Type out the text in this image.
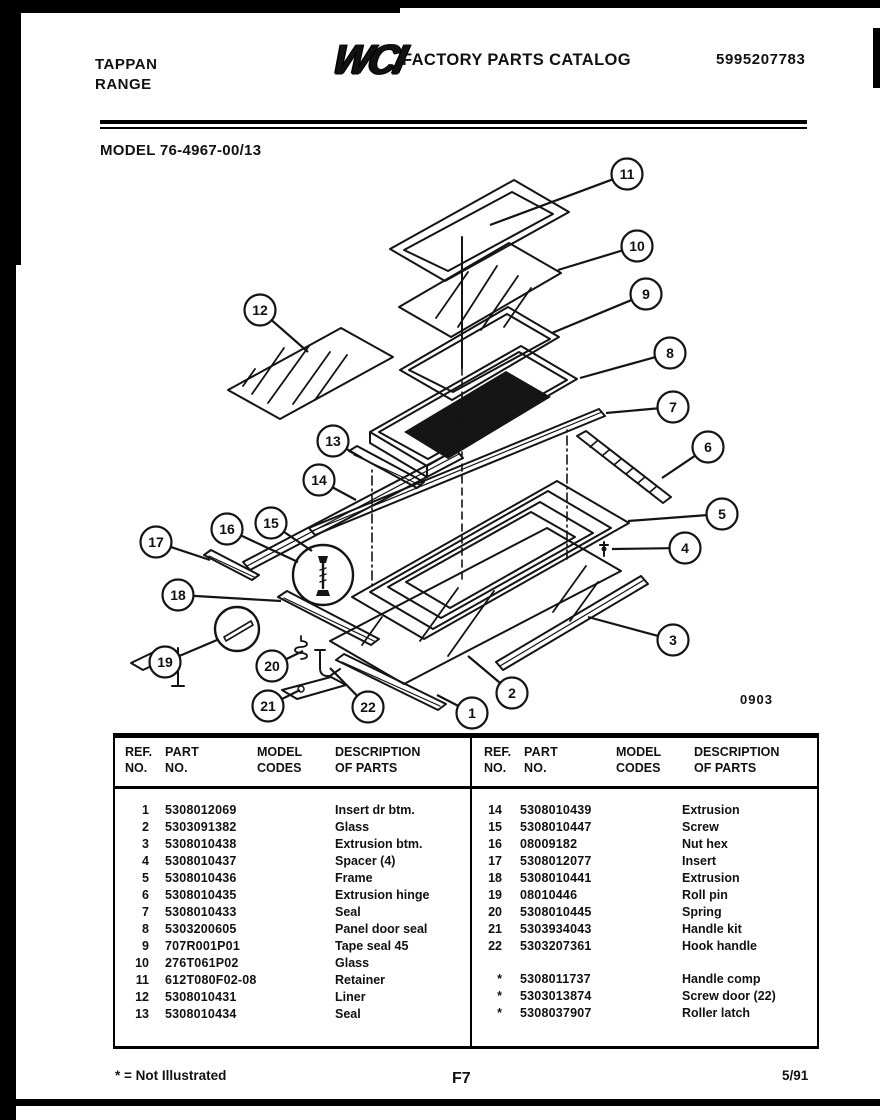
TAPPAN
RANGE
WCI
FACTORY PARTS CATALOG	5995207783
MODEL 76-4967-00/13
1
2
3
4
5
6
7
8
9
10
11
12
13
14
15
16
17
18
19	20
21	22	0903
REF. PART	MODEL	DESCRIPTION
NO. NO.	CODES	OF PARTS
REF. PART	MODEL	DESCRIPTION
NO. NO.	CODES	OF PARTS
1 5308012069	Insert dr btm.
2 5303091382	Glass
3 5308010438	Extrusion btm.
4 5308010437	Spacer (4)
5 5308010436	Frame
6 5308010435	Extrusion hinge
7 5308010433	Seal
8 5303200605	Panel door seal
9 707R001P01	Tape seal 45
10 276T061P02	Glass
11 612T080F02-08	Retainer
12 5308010431	Liner
13 5308010434	Seal
14 5308010439	Extrusion
15 5308010447	Screw
16 08009182	Nut hex
17 5308012077	Insert
18 5308010441	Extrusion
19 08010446	Roll pin
20 5308010445	Spring
21 5303934043	Handle kit
22 5303207361	Hook handle
* 5308011737	Handle comp
* 5303013874	Screw door (22)
* 5308037907	Roller latch
* = Not Illustrated	F7	5/91
